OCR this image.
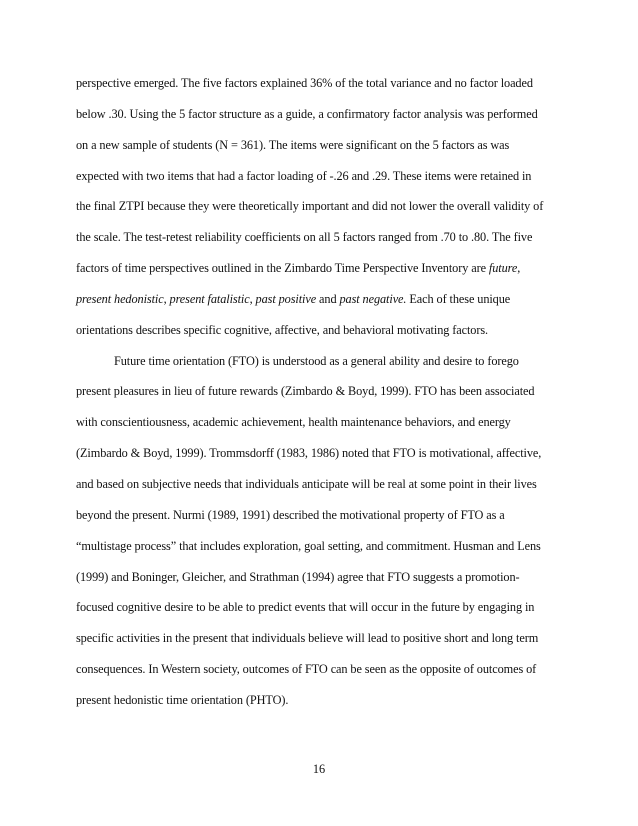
perspective emerged. The five factors explained 36% of the total variance and no factor loaded
below .30. Using the 5 factor structure as a guide, a confirmatory factor analysis was performed
on a new sample of students (N = 361). The items were significant on the 5 factors as was
expected with two items that had a factor loading of -.26 and .29. These items were retained in
the final ZTPI because they were theoretically important and did not lower the overall validity of
the scale. The test-retest reliability coefficients on all 5 factors ranged from .70 to .80. The five
factors of time perspectives outlined in the Zimbardo Time Perspective Inventory are future,
present hedonistic, present fatalistic, past positive and past negative. Each of these unique
orientations describes specific cognitive, affective, and behavioral motivating factors.
Future time orientation (FTO) is understood as a general ability and desire to forego
present pleasures in lieu of future rewards (Zimbardo & Boyd, 1999). FTO has been associated
with conscientiousness, academic achievement, health maintenance behaviors, and energy
(Zimbardo & Boyd, 1999). Trommsdorff (1983, 1986) noted that FTO is motivational, affective,
and based on subjective needs that individuals anticipate will be real at some point in their lives
beyond the present. Nurmi (1989, 1991) described the motivational property of FTO as a
“multistage process” that includes exploration, goal setting, and commitment. Husman and Lens
(1999) and Boninger, Gleicher, and Strathman (1994) agree that FTO suggests a promotion-
focused cognitive desire to be able to predict events that will occur in the future by engaging in
specific activities in the present that individuals believe will lead to positive short and long term
consequences. In Western society, outcomes of FTO can be seen as the opposite of outcomes of
present hedonistic time orientation (PHTO).
16
